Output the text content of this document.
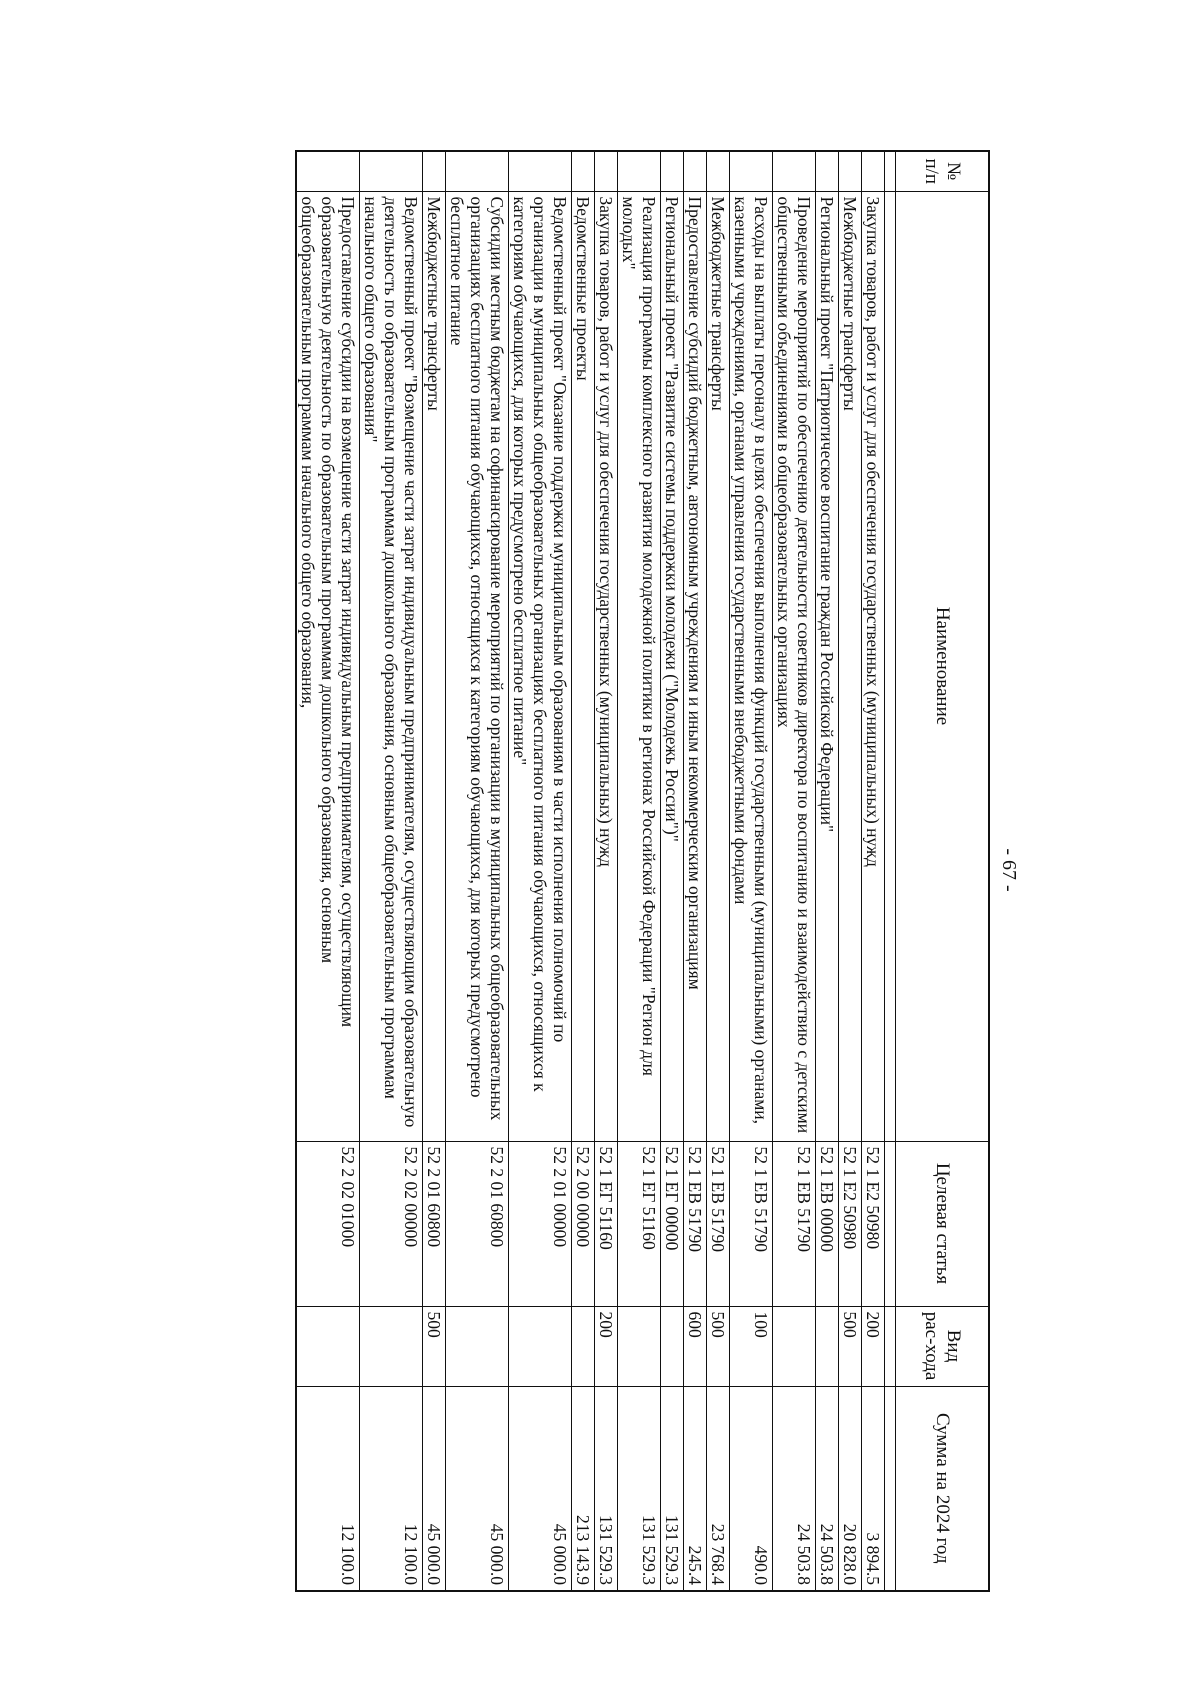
- 67 -
№ п/п	Наименование	Целевая статья	Вид рас-хода	Сумма на 2024 год

	Закупка товаров, работ и услуг для обеспечения государственных (муниципальных) нужд	52 1 Е2 50980	200	3 894.5
	Межбюджетные трансферты	52 1 Е2 50980	500	20 828.0
	Региональный проект "Патриотическое воспитание граждан Российской Федерации"	52 1 ЕВ 00000		24 503.8
	Проведение мероприятий по обеспечению деятельности советников директора по воспитанию и взаимодействию с детскими общественными объединениями в общеобразовательных организациях	52 1 ЕВ 51790		24 503.8
	Расходы на выплаты персоналу в целях обеспечения выполнения функций государственными (муниципальными) органами, казенными учреждениями, органами управления государственными внебюджетными фондами	52 1 ЕВ 51790	100	490.0
	Межбюджетные трансферты	52 1 ЕВ 51790	500	23 768.4
	Предоставление субсидий бюджетным, автономным учреждениям и иным некоммерческим организациям	52 1 ЕВ 51790	600	245.4
	Региональный проект "Развитие системы поддержки молодежи ("Молодежь России")"	52 1 ЕГ 00000		131 529.3
	Реализация программы комплексного развития молодежной политики в регионах Российской Федерации "Регион для молодых"	52 1 ЕГ 51160		131 529.3
	Закупка товаров, работ и услуг для обеспечения государственных (муниципальных) нужд	52 1 ЕГ 51160	200	131 529.3
	Ведомственные проекты	52 2 00 00000		213 143.9
	Ведомственный проект "Оказание поддержки муниципальным образованиям в части исполнения полномочий по организации в муниципальных общеобразовательных организациях бесплатного питания обучающихся, относящихся к категориям обучающихся, для которых предусмотрено бесплатное питание"	52 2 01 00000		45 000.0
	Субсидии местным бюджетам на софинансирование мероприятий по организации в муниципальных общеобразовательных организациях бесплатного питания обучающихся, относящихся к категориям обучающихся, для которых предусмотрено бесплатное питание	52 2 01 60800		45 000.0
	Межбюджетные трансферты	52 2 01 60800	500	45 000.0
	Ведомственный проект "Возмещение части затрат индивидуальным предпринимателям, осуществляющим образовательную деятельность по образовательным программам дошкольного образования, основным общеобразовательным программам начального общего образования"	52 2 02 00000		12 100.0
	Предоставление субсидии на возмещение части затрат индивидуальным предпринимателям, осуществляющим образовательную деятельность по образовательным программам дошкольного образования, основным общеобразовательным программам начального общего образования,	52 2 02 01000		12 100.0
